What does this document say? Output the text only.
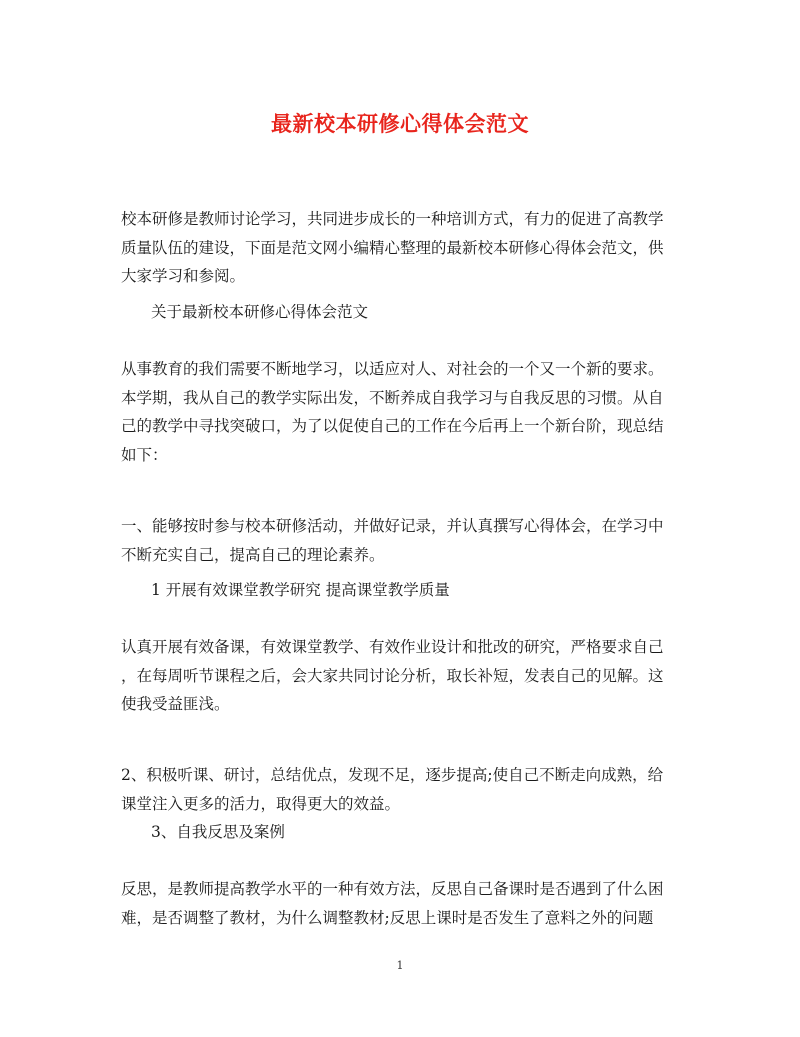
最新校本研修心得体会范文

校本研修是教师讨论学习，共同进步成长的一种培训方式，有力的促进了高教学
质量队伍的建设，下面是范文网小编精心整理的最新校本研修心得体会范文，供
大家学习和参阅。

关于最新校本研修心得体会范文

从事教育的我们需要不断地学习，以适应对人、对社会的一个又一个新的要求。
本学期，我从自己的教学实际出发，不断养成自我学习与自我反思的习惯。从自
己的教学中寻找突破口，为了以促使自己的工作在今后再上一个新台阶，现总结
如下：

一、能够按时参与校本研修活动，并做好记录，并认真撰写心得体会，在学习中
不断充实自己，提高自己的理论素养。

1 开展有效课堂教学研究 提高课堂教学质量

认真开展有效备课，有效课堂教学、有效作业设计和批改的研究，严格要求自己
，在每周听节课程之后，会大家共同讨论分析，取长补短，发表自己的见解。这
使我受益匪浅。

2、积极听课、研讨，总结优点，发现不足，逐步提高;使自己不断走向成熟，给
课堂注入更多的活力，取得更大的效益。

3、自我反思及案例

反思，是教师提高教学水平的一种有效方法，反思自己备课时是否遇到了什么困
难，是否调整了教材，为什么调整教材;反思上课时是否发生了意料之外的问题

1
